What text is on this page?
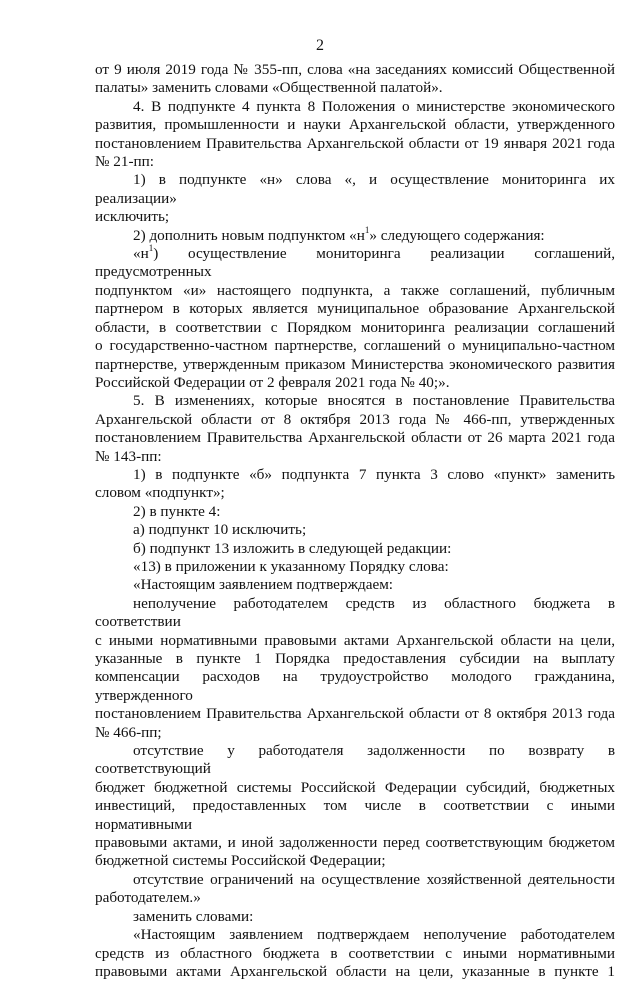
2

от 9 июля 2019 года № 355-пп, слова «на заседаниях комиссий Общественной

палаты» заменить словами «Общественной палатой».

4. В подпункте 4 пункта 8 Положения о министерстве экономического

развития, промышленности и науки Архангельской области, утвержденного

постановлением Правительства Архангельской области от 19 января 2021 года

№ 21-пп:

1) в подпункте «н» слова «, и осуществление мониторинга их реализации»

исключить;

2) дополнить новым подпунктом «$н^1$» следующего содержания:

«$н^1$) осуществление мониторинга реализации соглашений, предусмотренных

подпунктом «и» настоящего подпункта, а также соглашений, публичным

партнером в которых является муниципальное образование Архангельской

области, в соответствии с Порядком мониторинга реализации соглашений

о государственно-частном партнерстве, соглашений о муниципально-частном

партнерстве, утвержденным приказом Министерства экономического развития

Российской Федерации от 2 февраля 2021 года № 40;».

5. В изменениях, которые вносятся в постановление Правительства

Архангельской области от 8 октября 2013 года № 466-пп, утвержденных

постановлением Правительства Архангельской области от 26 марта 2021 года

№ 143-пп:

1) в подпункте «б» подпункта 7 пункта 3 слово «пункт» заменить

словом «подпункт»;

2) в пункте 4:

а) подпункт 10 исключить;

б) подпункт 13 изложить в следующей редакции:

«13) в приложении к указанному Порядку слова:

«Настоящим заявлением подтверждаем:

неполучение работодателем средств из областного бюджета в соответствии

с иными нормативными правовыми актами Архангельской области на цели,

указанные в пункте 1 Порядка предоставления субсидии на выплату

компенсации расходов на трудоустройство молодого гражданина, утвержденного

постановлением Правительства Архангельской области от 8 октября 2013 года

№ 466-пп;

отсутствие у работодателя задолженности по возврату в соответствующий

бюджет бюджетной системы Российской Федерации субсидий, бюджетных

инвестиций, предоставленных том числе в соответствии с иными нормативными

правовыми актами, и иной задолженности перед соответствующим бюджетом

бюджетной системы Российской Федерации;

отсутствие ограничений на осуществление хозяйственной деятельности

работодателем.»

заменить словами:

«Настоящим заявлением подтверждаем неполучение работодателем

средств из областного бюджета в соответствии с иными нормативными

правовыми актами Архангельской области на цели, указанные в пункте 1
